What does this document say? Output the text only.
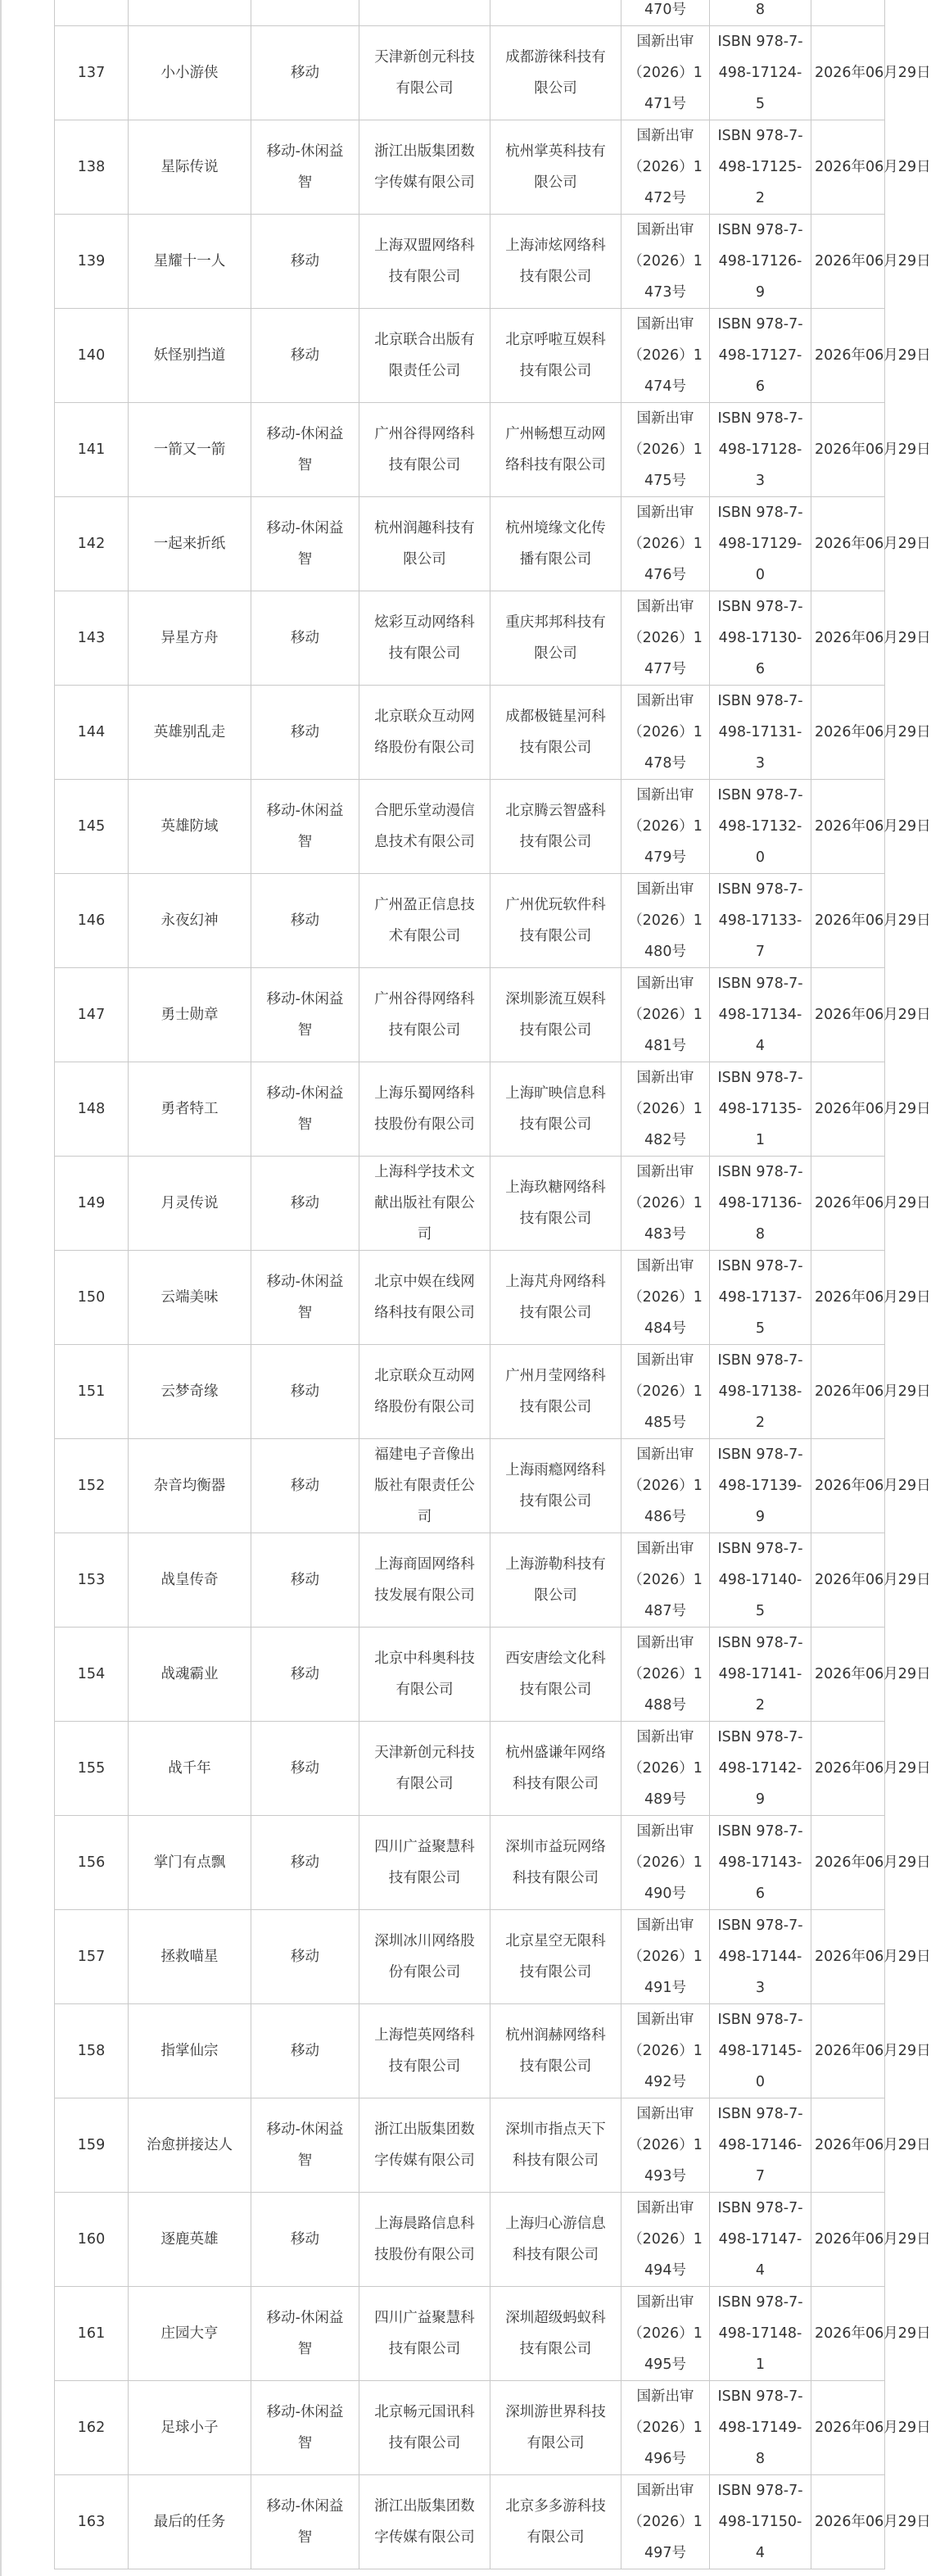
					470号	8	
137	小小游侠	移动	天津新创元科技有限公司	成都游徕科技有限公司	国新出审（2026）1471号	ISBN 978-7-498-17124-5	2026年06月29日
138	星际传说	移动-休闲益智	浙江出版集团数字传媒有限公司	杭州掌英科技有限公司	国新出审（2026）1472号	ISBN 978-7-498-17125-2	2026年06月29日
139	星耀十一人	移动	上海双盟网络科技有限公司	上海沛炫网络科技有限公司	国新出审（2026）1473号	ISBN 978-7-498-17126-9	2026年06月29日
140	妖怪别挡道	移动	北京联合出版有限责任公司	北京呼啦互娱科技有限公司	国新出审（2026）1474号	ISBN 978-7-498-17127-6	2026年06月29日
141	一箭又一箭	移动-休闲益智	广州谷得网络科技有限公司	广州畅想互动网络科技有限公司	国新出审（2026）1475号	ISBN 978-7-498-17128-3	2026年06月29日
142	一起来折纸	移动-休闲益智	杭州润趣科技有限公司	杭州境缘文化传播有限公司	国新出审（2026）1476号	ISBN 978-7-498-17129-0	2026年06月29日
143	异星方舟	移动	炫彩互动网络科技有限公司	重庆邦邦科技有限公司	国新出审（2026）1477号	ISBN 978-7-498-17130-6	2026年06月29日
144	英雄别乱走	移动	北京联众互动网络股份有限公司	成都极链星河科技有限公司	国新出审（2026）1478号	ISBN 978-7-498-17131-3	2026年06月29日
145	英雄防域	移动-休闲益智	合肥乐堂动漫信息技术有限公司	北京腾云智盛科技有限公司	国新出审（2026）1479号	ISBN 978-7-498-17132-0	2026年06月29日
146	永夜幻神	移动	广州盈正信息技术有限公司	广州优玩软件科技有限公司	国新出审（2026）1480号	ISBN 978-7-498-17133-7	2026年06月29日
147	勇士勋章	移动-休闲益智	广州谷得网络科技有限公司	深圳影流互娱科技有限公司	国新出审（2026）1481号	ISBN 978-7-498-17134-4	2026年06月29日
148	勇者特工	移动-休闲益智	上海乐蜀网络科技股份有限公司	上海旷映信息科技有限公司	国新出审（2026）1482号	ISBN 978-7-498-17135-1	2026年06月29日
149	月灵传说	移动	上海科学技术文献出版社有限公司	上海玖糖网络科技有限公司	国新出审（2026）1483号	ISBN 978-7-498-17136-8	2026年06月29日
150	云端美味	移动-休闲益智	北京中娱在线网络科技有限公司	上海芃舟网络科技有限公司	国新出审（2026）1484号	ISBN 978-7-498-17137-5	2026年06月29日
151	云梦奇缘	移动	北京联众互动网络股份有限公司	广州月莹网络科技有限公司	国新出审（2026）1485号	ISBN 978-7-498-17138-2	2026年06月29日
152	杂音均衡器	移动	福建电子音像出版社有限责任公司	上海雨瘾网络科技有限公司	国新出审（2026）1486号	ISBN 978-7-498-17139-9	2026年06月29日
153	战皇传奇	移动	上海商固网络科技发展有限公司	上海游勒科技有限公司	国新出审（2026）1487号	ISBN 978-7-498-17140-5	2026年06月29日
154	战魂霸业	移动	北京中科奥科技有限公司	西安唐绘文化科技有限公司	国新出审（2026）1488号	ISBN 978-7-498-17141-2	2026年06月29日
155	战千年	移动	天津新创元科技有限公司	杭州盛谦年网络科技有限公司	国新出审（2026）1489号	ISBN 978-7-498-17142-9	2026年06月29日
156	掌门有点飘	移动	四川广益聚慧科技有限公司	深圳市益玩网络科技有限公司	国新出审（2026）1490号	ISBN 978-7-498-17143-6	2026年06月29日
157	拯救喵星	移动	深圳冰川网络股份有限公司	北京星空无限科技有限公司	国新出审（2026）1491号	ISBN 978-7-498-17144-3	2026年06月29日
158	指掌仙宗	移动	上海恺英网络科技有限公司	杭州润赫网络科技有限公司	国新出审（2026）1492号	ISBN 978-7-498-17145-0	2026年06月29日
159	治愈拼接达人	移动-休闲益智	浙江出版集团数字传媒有限公司	深圳市指点天下科技有限公司	国新出审（2026）1493号	ISBN 978-7-498-17146-7	2026年06月29日
160	逐鹿英雄	移动	上海晨路信息科技股份有限公司	上海归心游信息科技有限公司	国新出审（2026）1494号	ISBN 978-7-498-17147-4	2026年06月29日
161	庄园大亨	移动-休闲益智	四川广益聚慧科技有限公司	深圳超级蚂蚁科技有限公司	国新出审（2026）1495号	ISBN 978-7-498-17148-1	2026年06月29日
162	足球小子	移动-休闲益智	北京畅元国讯科技有限公司	深圳游世界科技有限公司	国新出审（2026）1496号	ISBN 978-7-498-17149-8	2026年06月29日
163	最后的任务	移动-休闲益智	浙江出版集团数字传媒有限公司	北京多多游科技有限公司	国新出审（2026）1497号	ISBN 978-7-498-17150-4	2026年06月29日
